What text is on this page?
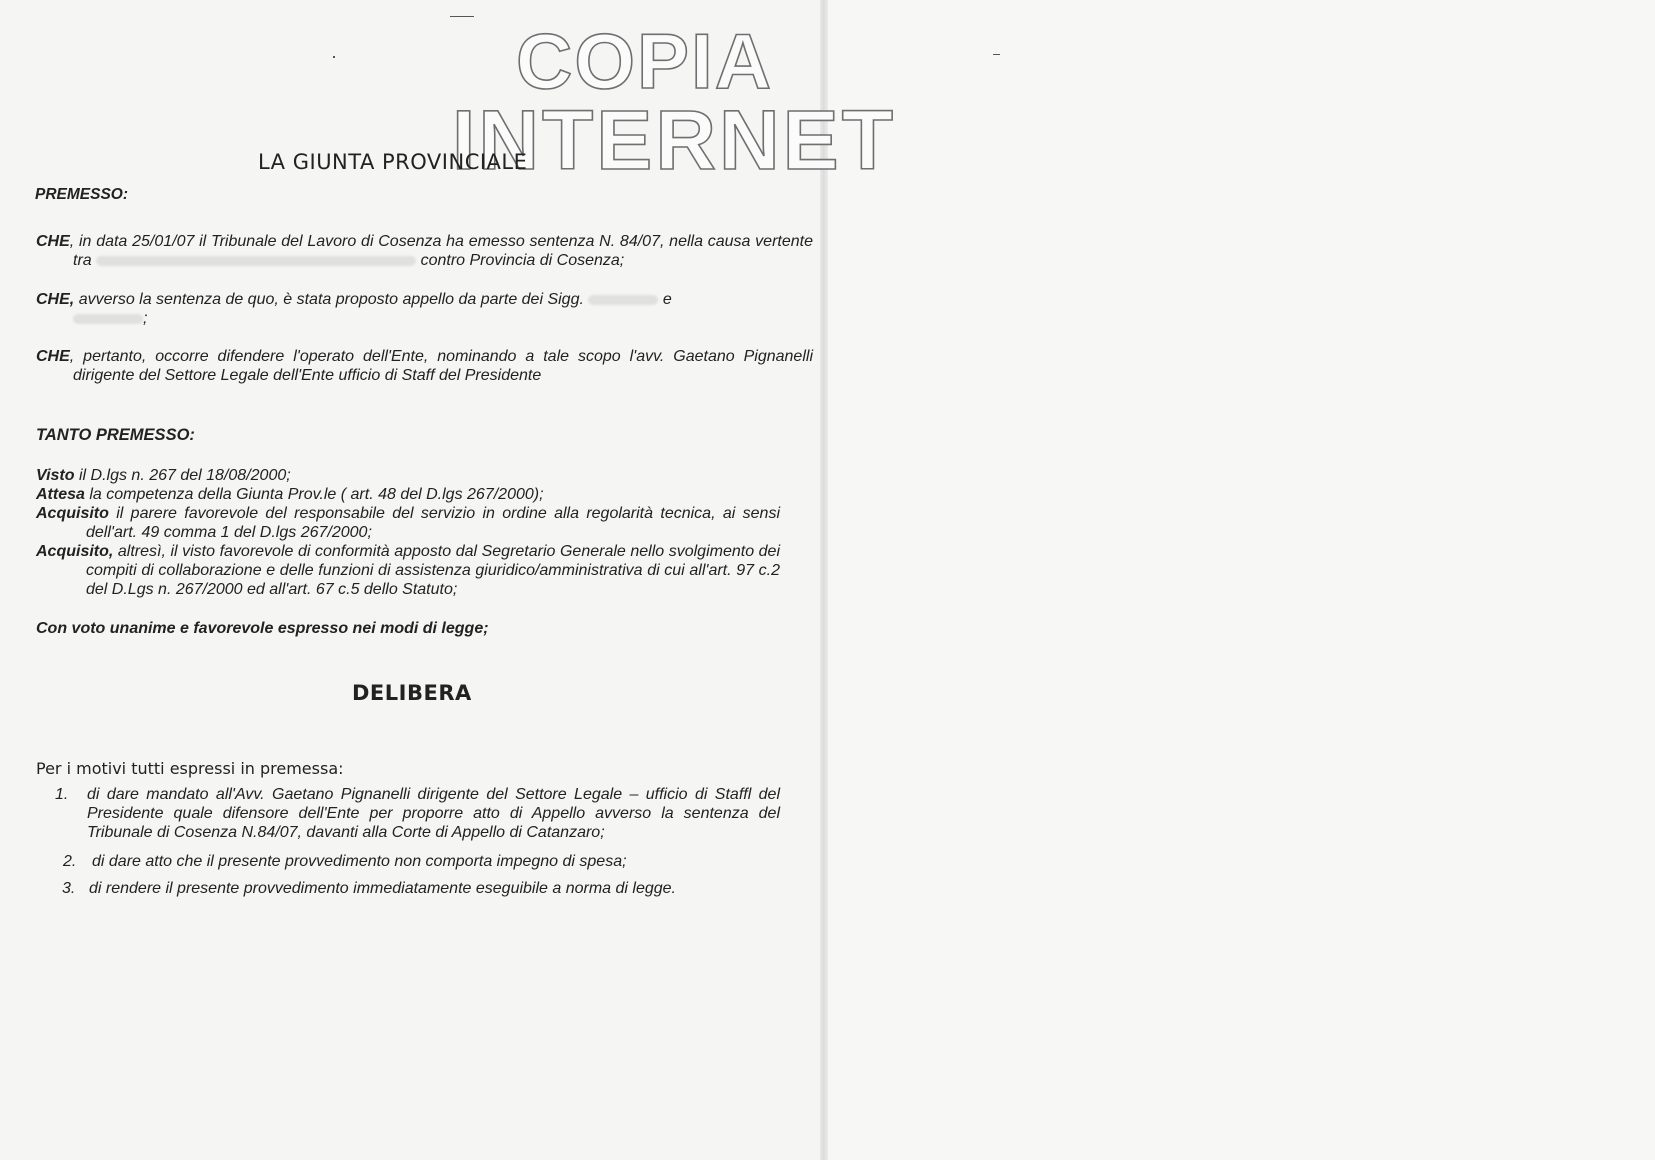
COPIA
INTERNET
LA GIUNTA PROVINCIALE
PREMESSO:
CHE, in data 25/01/07 il Tribunale del Lavoro di Cosenza ha emesso sentenza N. 84/07, nella causa vertente tra	contro Provincia di Cosenza;
CHE, avverso la sentenza de quo, è stata proposto appello da parte dei Sigg.	e
;
CHE, pertanto, occorre difendere l'operato dell'Ente, nominando a tale scopo l'avv. Gaetano Pignanelli dirigente del Settore Legale dell'Ente ufficio di Staff del Presidente
TANTO PREMESSO:
Visto il D.lgs n. 267 del 18/08/2000;
Attesa la competenza della Giunta Prov.le ( art. 48 del D.lgs 267/2000);
Acquisito il parere favorevole del responsabile del servizio in ordine alla regolarità tecnica, ai sensi dell'art. 49 comma 1 del D.lgs 267/2000;
Acquisito, altresì, il visto favorevole di conformità apposto dal Segretario Generale nello svolgimento dei compiti di collaborazione e delle funzioni di assistenza giuridico/amministrativa di cui all'art. 97 c.2 del D.Lgs n. 267/2000 ed all'art. 67 c.5 dello Statuto;
Con voto unanime e favorevole espresso nei modi di legge;
DELIBERA
Per i motivi tutti espressi in premessa:
1. di dare mandato all'Avv. Gaetano Pignanelli dirigente del Settore Legale – ufficio di Staffl del Presidente quale difensore dell'Ente per proporre atto di Appello avverso la sentenza del Tribunale di Cosenza N.84/07, davanti alla Corte di Appello di Catanzaro;
2. di dare atto che il presente provvedimento non comporta impegno di spesa;
3. di rendere il presente provvedimento immediatamente eseguibile a norma di legge.
